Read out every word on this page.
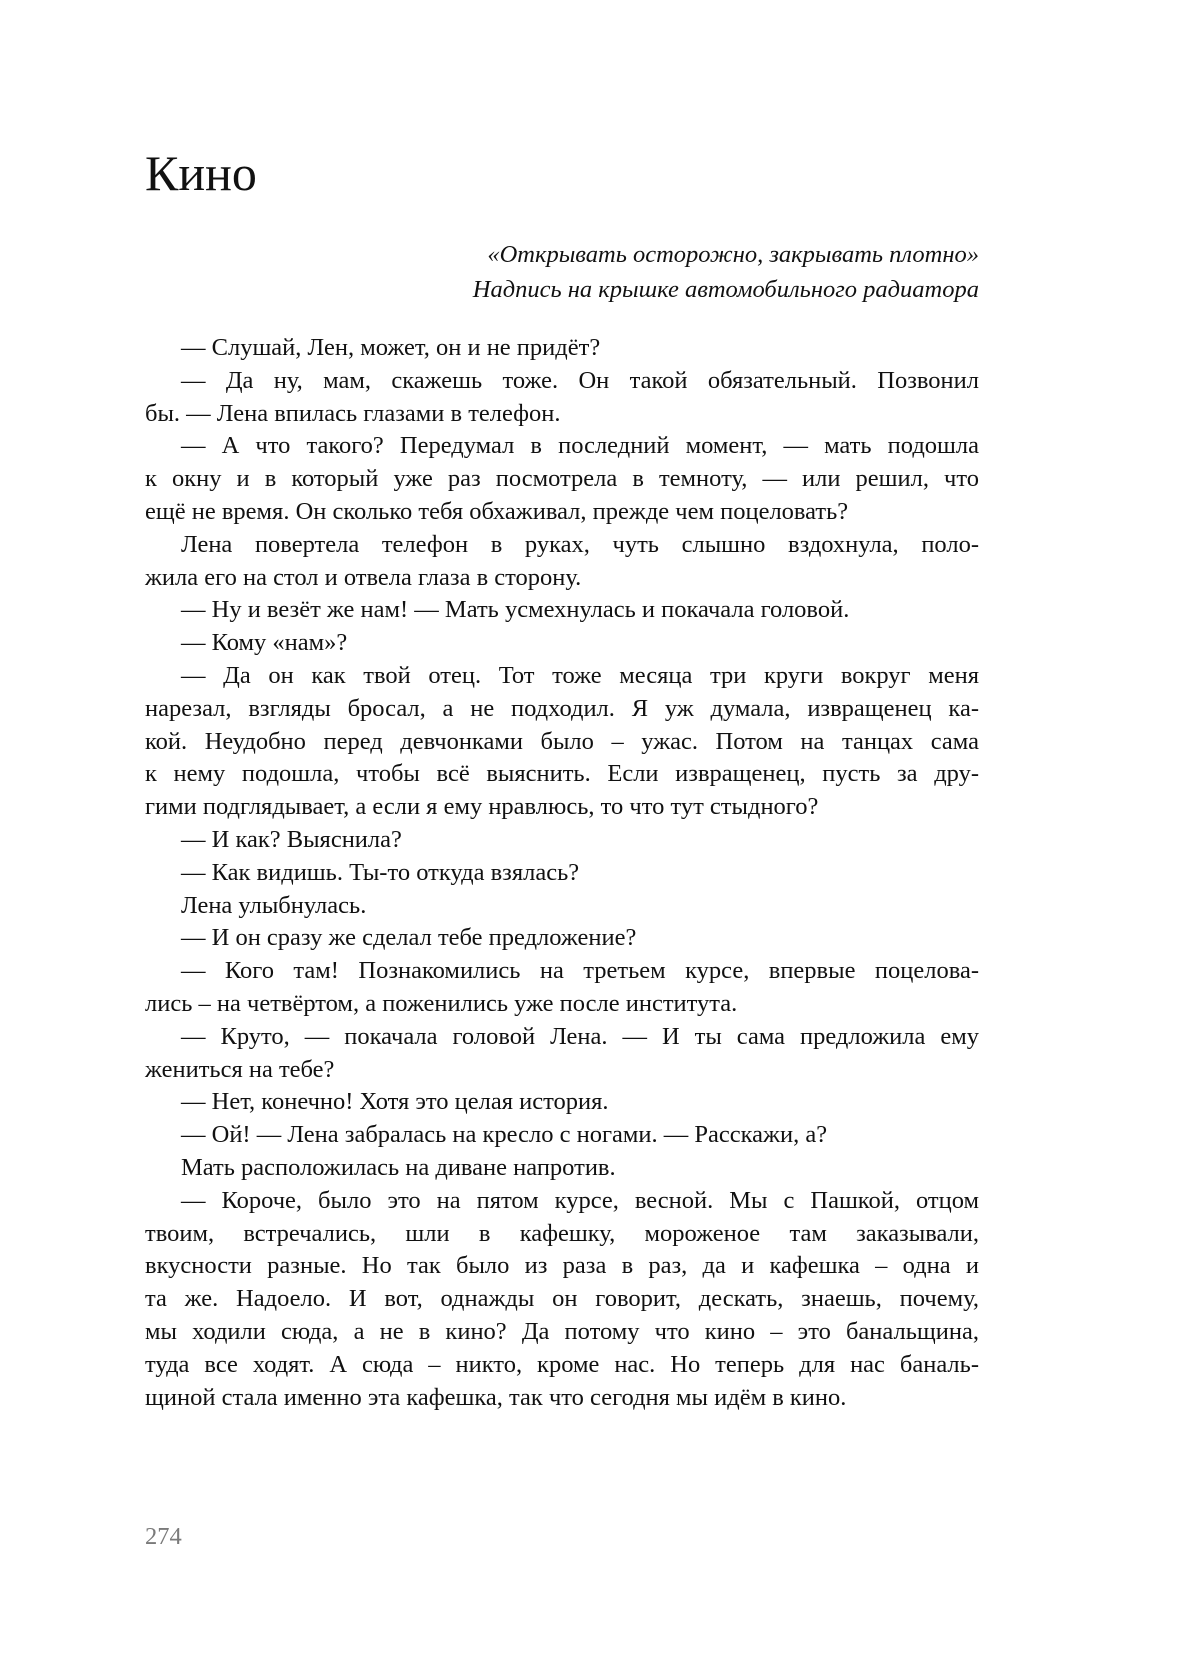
Кино
«Открывать осторожно, закрывать плотно»
Надпись на крышке автомобильного радиатора
— Слушай, Лен, может, он и не придёт?
— Да ну, мам, скажешь тоже. Он такой обязательный. Позвонил
бы. — Лена впилась глазами в телефон.
— А что такого? Передумал в последний момент, — мать подошла
к окну и в который уже раз посмотрела в темноту, — или решил, что
ещё не время. Он сколько тебя обхаживал, прежде чем поцеловать?
Лена повертела телефон в руках, чуть слышно вздохнула, поло-
жила его на стол и отвела глаза в сторону.
— Ну и везёт же нам! — Мать усмехнулась и покачала головой.
— Кому «нам»?
— Да он как твой отец. Тот тоже месяца три круги вокруг меня
нарезал, взгляды бросал, а не подходил. Я уж думала, извращенец ка-
кой. Неудобно перед девчонками было – ужас. Потом на танцах сама
к нему подошла, чтобы всё выяснить. Если извращенец, пусть за дру-
гими подглядывает, а если я ему нравлюсь, то что тут стыдного?
— И как? Выяснила?
— Как видишь. Ты-то откуда взялась?
Лена улыбнулась.
— И он сразу же сделал тебе предложение?
— Кого там! Познакомились на третьем курсе, впервые поцелова-
лись – на четвёртом, а поженились уже после института.
— Круто, — покачала головой Лена. — И ты сама предложила ему
жениться на тебе?
— Нет, конечно! Хотя это целая история.
— Ой! — Лена забралась на кресло с ногами. — Расскажи, а?
Мать расположилась на диване напротив.
— Короче, было это на пятом курсе, весной. Мы с Пашкой, отцом
твоим, встречались, шли в кафешку, мороженое там заказывали,
вкусности разные. Но так было из раза в раз, да и кафешка – одна и
та же. Надоело. И вот, однажды он говорит, дескать, знаешь, почему,
мы ходили сюда, а не в кино? Да потому что кино – это банальщина,
туда все ходят. А сюда – никто, кроме нас. Но теперь для нас баналь-
щиной стала именно эта кафешка, так что сегодня мы идём в кино.
274
